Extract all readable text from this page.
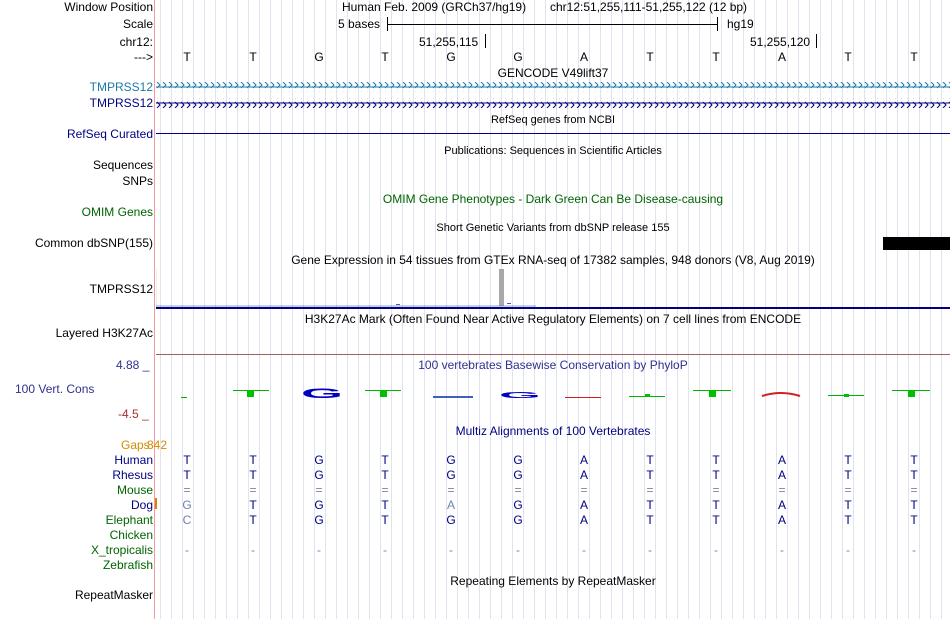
Window Position
Scale
chr12:
--->
Human Feb. 2009 (GRCh37/hg19) chr12:51,255,111-51,255,122 (12 bp)
5 bases	hg19
51,255,115	51,255,120
T	T	G	T	G	G	A	T	T	A	T	T
GENCODE V49lift37
TMPRSS12
TMPRSS12
RefSeq genes from NCBI
RefSeq Curated
Publications: Sequences in Scientific Articles
Sequences
SNPs
OMIM Gene Phenotypes - Dark Green Can Be Disease-causing
OMIM Genes
Short Genetic Variants from dbSNP release 155
Common dbSNP(155)
Gene Expression in 54 tissues from GTEx RNA-seq of 17382 samples, 948 donors (V8, Aug 2019)
TMPRSS12
H3K27Ac Mark (Often Found Near Active Regulatory Elements) on 7 cell lines from ENCODE
Layered H3K27Ac
100 vertebrates Basewise Conservation by PhyloP
4.88 _
100 Vert. Cons
-4.5 _
G	G
Multiz Alignments of 100 Vertebrates
Gaps
842
Human	T	T	G	T	G	G	A	T	T	A	T	T
Rhesus	T	T	G	T	G	G	A	T	T	A	T	T
Mouse	=	=	=	=	=	=	=	=	=	=	=	=
Dog G	T	G	T	A	G	A	T	T	A	T	T
Elephant C	T	G	T	G	G	A	T	T	A	T	T
Chicken
X_tropicalis	-	-	-	-	-	-	-	-	-	-	-	-
Zebrafish
Repeating Elements by RepeatMasker
RepeatMasker
